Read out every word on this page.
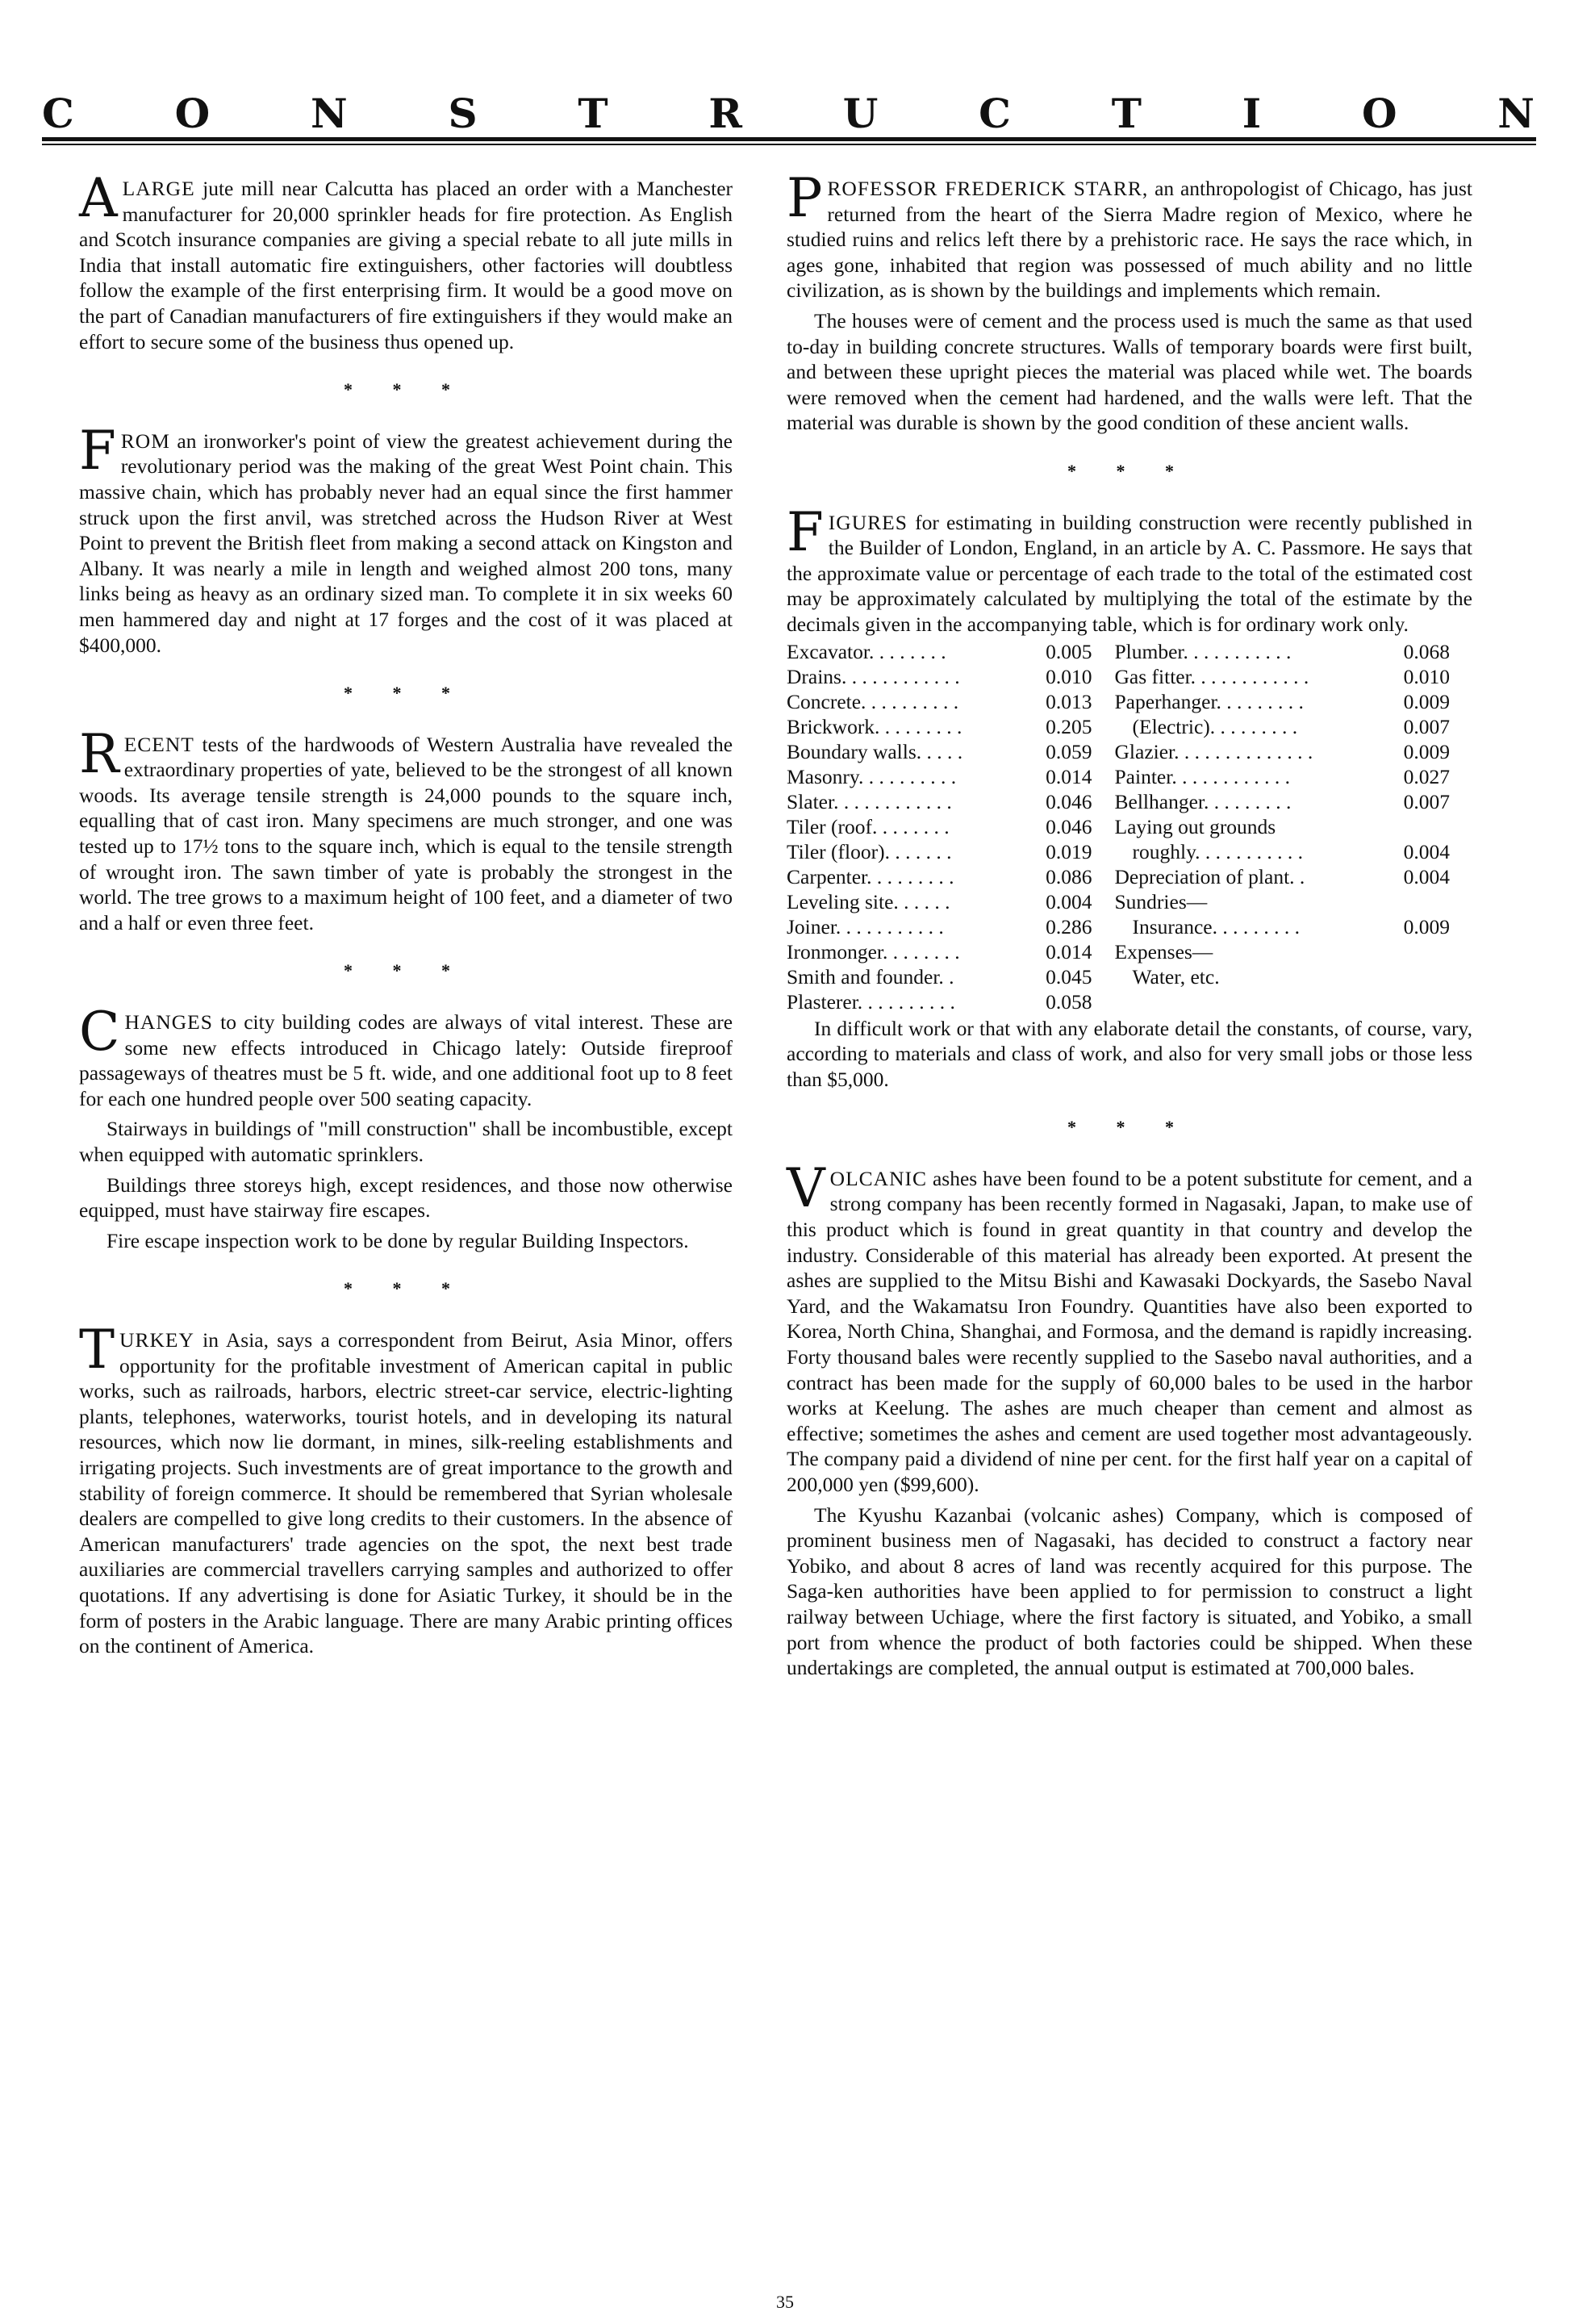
C O N S T R U C T I O N

A LARGE jute mill near Calcutta has placed an order with a Manchester manufacturer for 20,000 sprinkler heads for fire protection. As English and Scotch insurance companies are giving a special rebate to all jute mills in India that install automatic fire extinguishers, other factories will doubtless follow the example of the first enterprising firm. It would be a good move on the part of Canadian manufacturers of fire extinguishers if they would make an effort to secure some of the business thus opened up.

* * *

FROM an ironworker's point of view the greatest achievement during the revolutionary period was the making of the great West Point chain. This massive chain, which has probably never had an equal since the first hammer struck upon the first anvil, was stretched across the Hudson River at West Point to prevent the British fleet from making a second attack on Kingston and Albany. It was nearly a mile in length and weighed almost 200 tons, many links being as heavy as an ordinary sized man. To complete it in six weeks 60 men hammered day and night at 17 forges and the cost of it was placed at $400,000.

* * *

RECENT tests of the hardwoods of Western Australia have revealed the extraordinary properties of yate, believed to be the strongest of all known woods. Its average tensile strength is 24,000 pounds to the square inch, equalling that of cast iron. Many specimens are much stronger, and one was tested up to 17½ tons to the square inch, which is equal to the tensile strength of wrought iron. The sawn timber of yate is probably the strongest in the world. The tree grows to a maximum height of 100 feet, and a diameter of two and a half or even three feet.

* * *

CHANGES to city building codes are always of vital interest. These are some new effects introduced in Chicago lately: Outside fireproof passageways of theatres must be 5 ft. wide, and one additional foot up to 8 feet for each one hundred people over 500 seating capacity.

Stairways in buildings of "mill construction" shall be incombustible, except when equipped with automatic sprinklers.

Buildings three storeys high, except residences, and those now otherwise equipped, must have stairway fire escapes.

Fire escape inspection work to be done by regular Building Inspectors.

* * *

TURKEY in Asia, says a correspondent from Beirut, Asia Minor, offers opportunity for the profitable investment of American capital in public works, such as railroads, harbors, electric street-car service, electric-lighting plants, telephones, waterworks, tourist hotels, and in developing its natural resources, which now lie dormant, in mines, silk-reeling establishments and irrigating projects. Such investments are of great importance to the growth and stability of foreign commerce. It should be remembered that Syrian wholesale dealers are compelled to give long credits to their customers. In the absence of American manufacturers' trade agencies on the spot, the next best trade auxiliaries are commercial travellers carrying samples and authorized to offer quotations. If any advertising is done for Asiatic Turkey, it should be in the form of posters in the Arabic language. There are many Arabic printing offices on the continent of America.

PROFESSOR FREDERICK STARR, an anthropologist of Chicago, has just returned from the heart of the Sierra Madre region of Mexico, where he studied ruins and relics left there by a prehistoric race. He says the race which, in ages gone, inhabited that region was possessed of much ability and no little civilization, as is shown by the buildings and implements which remain.

The houses were of cement and the process used is much the same as that used to-day in building concrete structures. Walls of temporary boards were first built, and between these upright pieces the material was placed while wet. The boards were removed when the cement had hardened, and the walls were left. That the material was durable is shown by the good condition of these ancient walls.

* * *

FIGURES for estimating in building construction were recently published in the Builder of London, England, in an article by A. C. Passmore. He says that the approximate value or percentage of each trade to the total of the estimated cost may be approximately calculated by multiplying the total of the estimate by the decimals given in the accompanying table, which is for ordinary work only.

Excavator. . . . . . . .	0.005	Plumber. . . . . . . . . . .	0.068
Drains. . . . . . . . . . . .	0.010	Gas fitter. . . . . . . . . . . .	0.010
Concrete. . . . . . . . . .	0.013	Paperhanger. . . . . . . . .	0.009
Brickwork. . . . . . . . .	0.205	(Electric). . . . . . . . .	0.007
Boundary walls. . . . .	0.059	Glazier. . . . . . . . . . . . . .	0.009
Masonry. . . . . . . . . .	0.014	Painter. . . . . . . . . . . .	0.027
Slater. . . . . . . . . . . .	0.046	Bellhanger. . . . . . . . .	0.007
Tiler (roof. . . . . . . .	0.046	Laying out grounds	
Tiler (floor). . . . . . .	0.019	roughly. . . . . . . . . . .	0.004
Carpenter. . . . . . . . .	0.086	Depreciation of plant. .	0.004
Leveling site. . . . . .	0.004	Sundries—	
Joiner. . . . . . . . . . .	0.286	Insurance. . . . . . . . .	0.009
Ironmonger. . . . . . . .	0.014	Expenses—	
Smith and founder. .	0.045	Water, etc.	
Plasterer. . . . . . . . . .	0.058		

In difficult work or that with any elaborate detail the constants, of course, vary, according to materials and class of work, and also for very small jobs or those less than $5,000.

* * *

VOLCANIC ashes have been found to be a potent substitute for cement, and a strong company has been recently formed in Nagasaki, Japan, to make use of this product which is found in great quantity in that country and develop the industry. Considerable of this material has already been exported. At present the ashes are supplied to the Mitsu Bishi and Kawasaki Dockyards, the Sasebo Naval Yard, and the Wakamatsu Iron Foundry. Quantities have also been exported to Korea, North China, Shanghai, and Formosa, and the demand is rapidly increasing. Forty thousand bales were recently supplied to the Sasebo naval authorities, and a contract has been made for the supply of 60,000 bales to be used in the harbor works at Keelung. The ashes are much cheaper than cement and almost as effective; sometimes the ashes and cement are used together most advantageously. The company paid a dividend of nine per cent. for the first half year on a capital of 200,000 yen ($99,600).

The Kyushu Kazanbai (volcanic ashes) Company, which is composed of prominent business men of Nagasaki, has decided to construct a factory near Yobiko, and about 8 acres of land was recently acquired for this purpose. The Saga-ken authorities have been applied to for permission to construct a light railway between Uchiage, where the first factory is situated, and Yobiko, a small port from whence the product of both factories could be shipped. When these undertakings are completed, the annual output is estimated at 700,000 bales.

35
